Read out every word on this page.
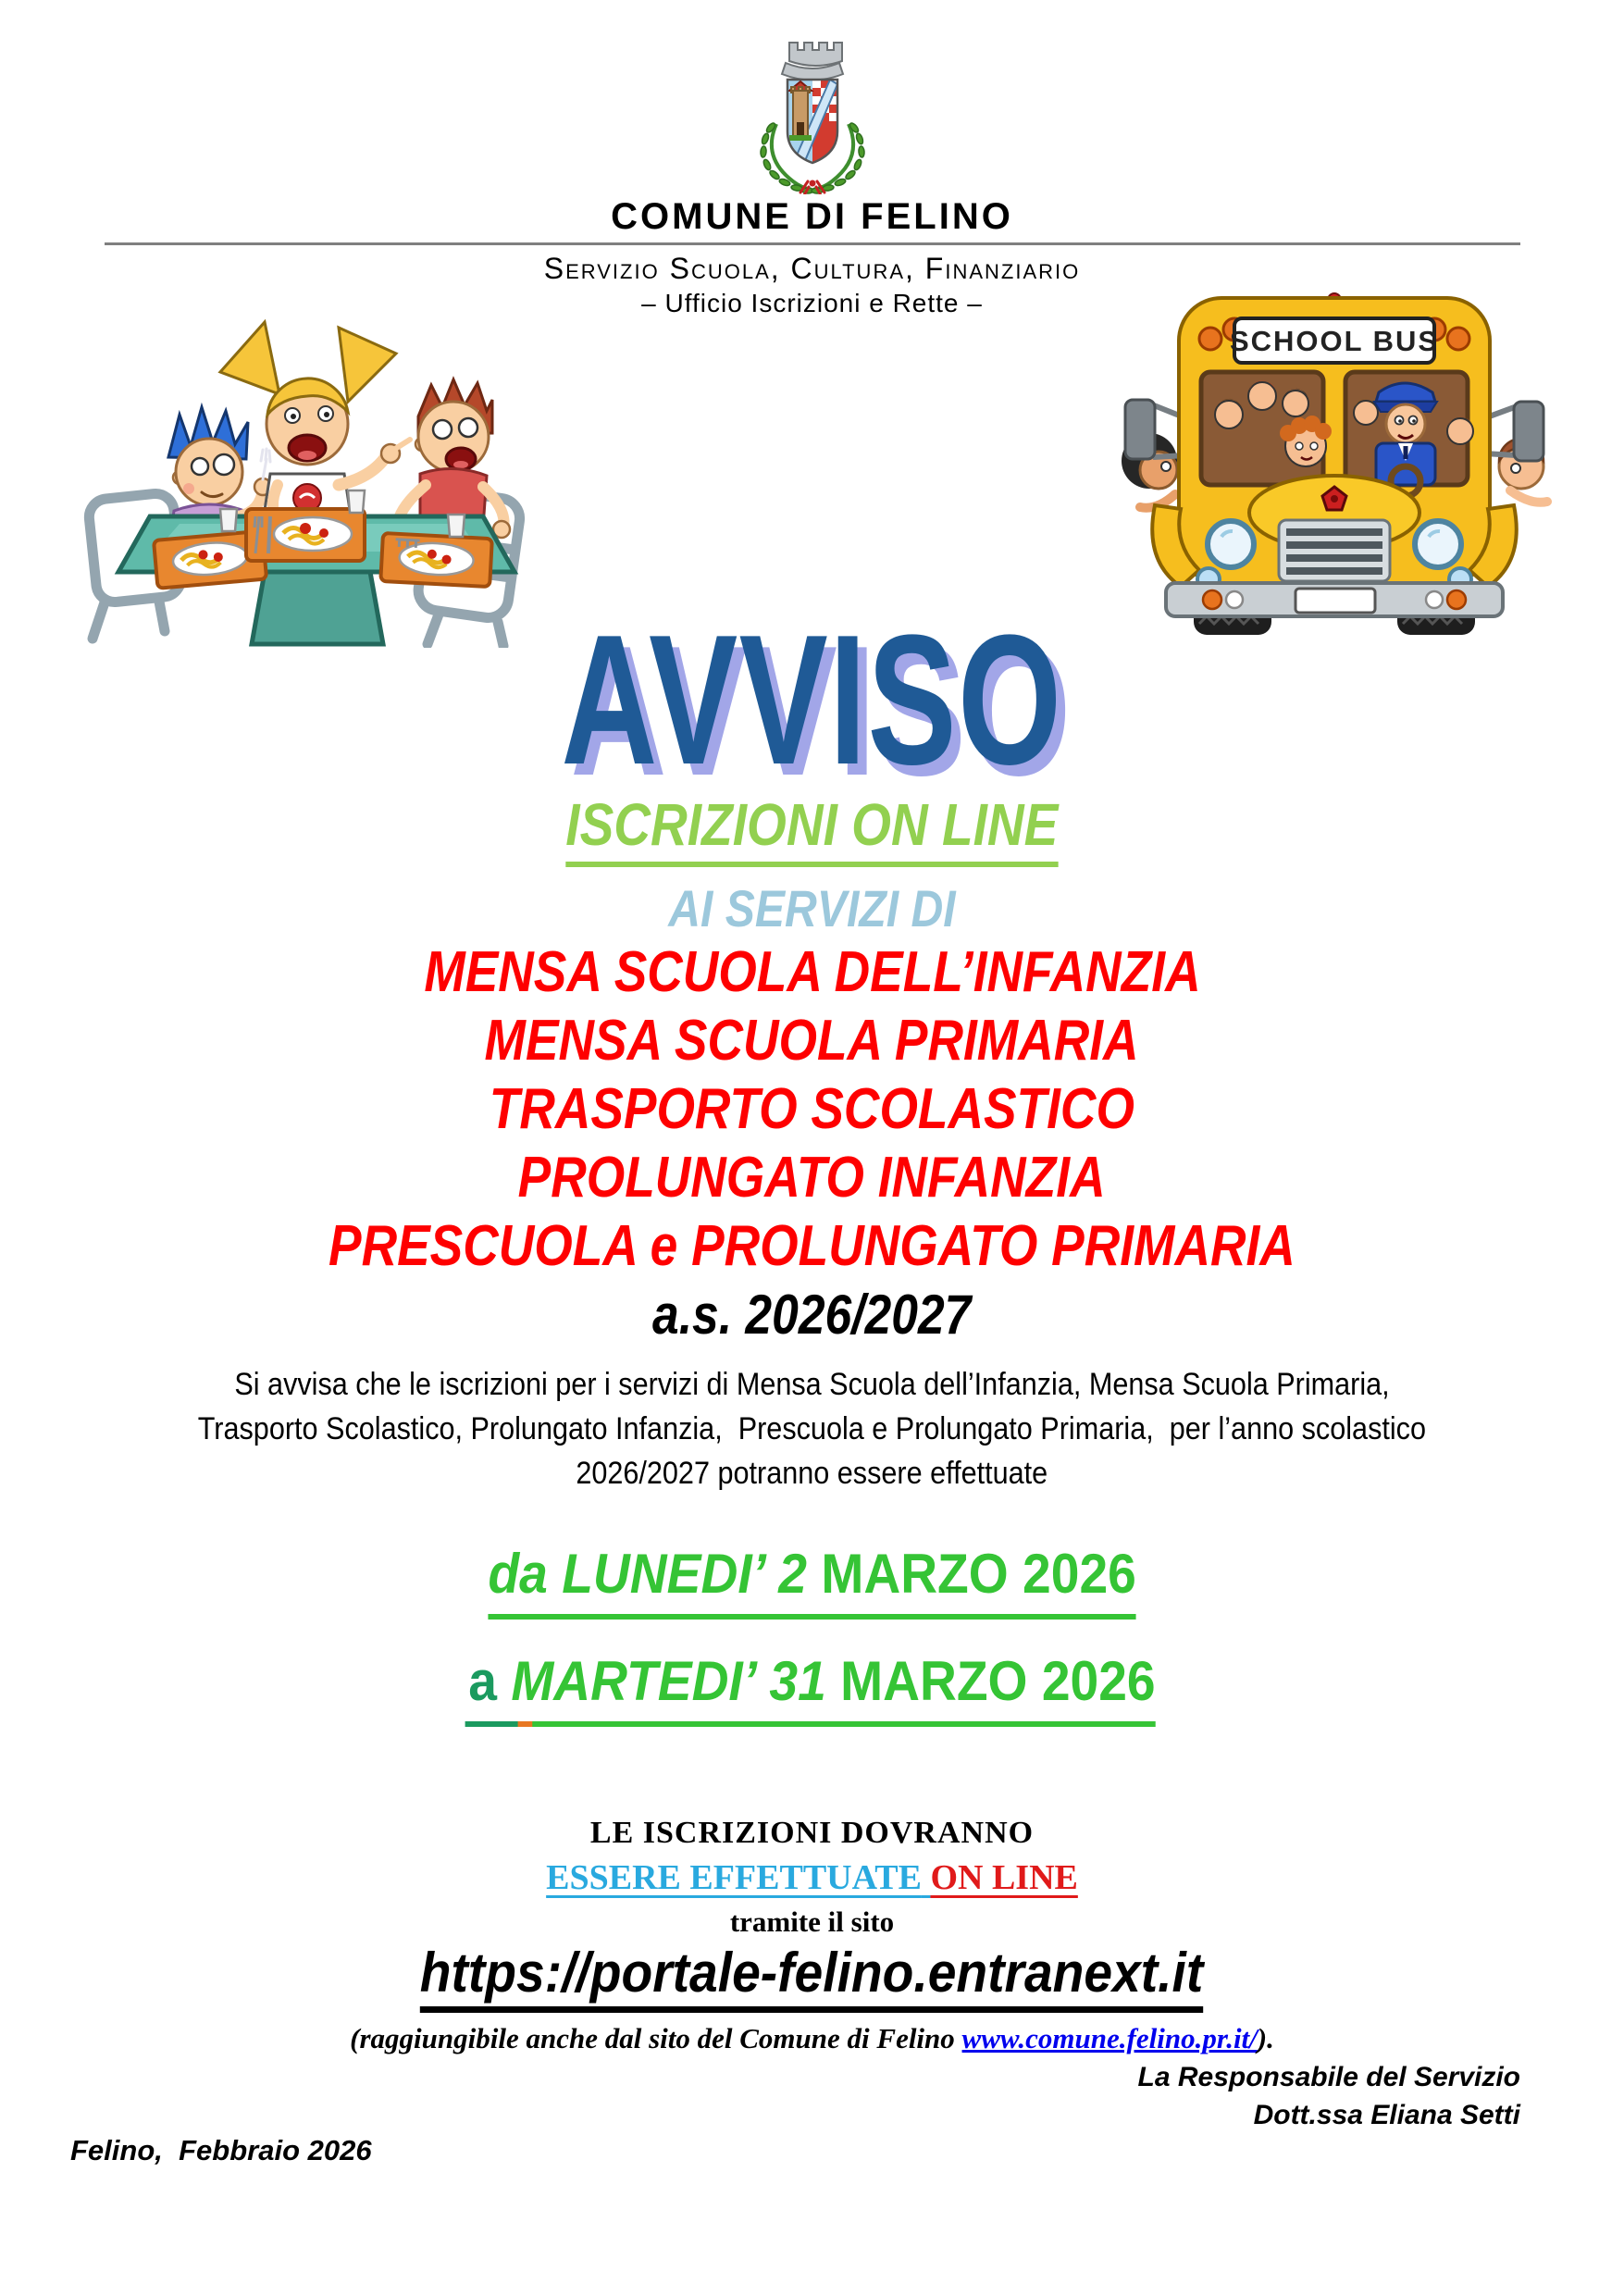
COMUNE DI FELINO
Servizio Scuola, Cultura, Finanziario
– Ufficio Iscrizioni e Rette –
SCHOOL BUS
AVVISO
ISCRIZIONI ON LINE
AI SERVIZI DI
MENSA SCUOLA DELL’INFANZIA
MENSA SCUOLA PRIMARIA
TRASPORTO SCOLASTICO
PROLUNGATO INFANZIA
PRESCUOLA e PROLUNGATO PRIMARIA
a.s. 2026/2027
Si avvisa che le iscrizioni per i servizi di Mensa Scuola dell’Infanzia, Mensa Scuola Primaria,
Trasporto Scolastico, Prolungato Infanzia,  Prescuola e Prolungato Primaria,  per l’anno scolastico
2026/2027 potranno essere effettuate
da LUNEDI’ 2 MARZO 2026
a MARTEDI’ 31 MARZO 2026
LE ISCRIZIONI DOVRANNO
ESSERE EFFETTUATE ON LINE
tramite il sito
https://portale-felino.entranext.it
(raggiungibile anche dal sito del Comune di Felino www.comune.felino.pr.it/).
La Responsabile del Servizio
Dott.ssa Eliana Setti
Felino,  Febbraio 2026
